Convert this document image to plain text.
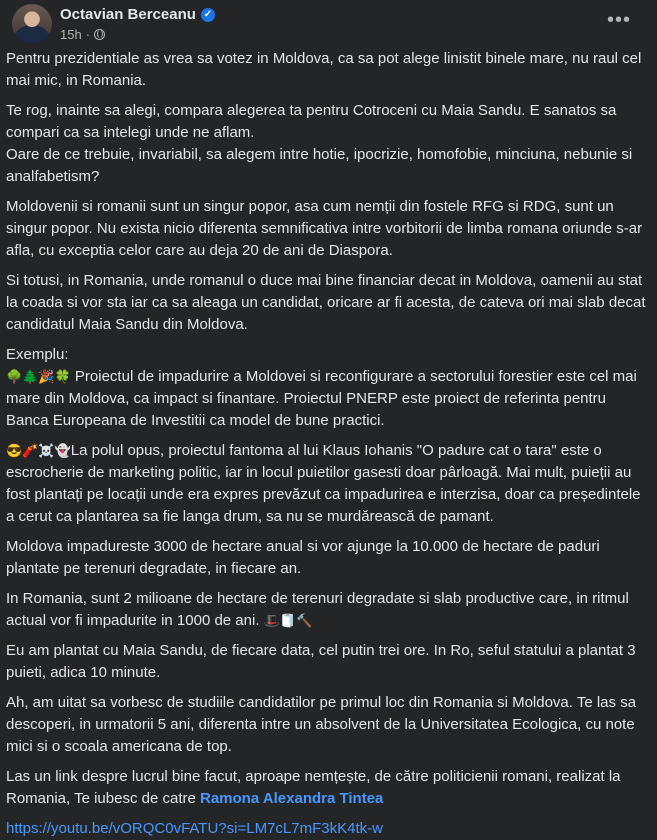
Octavian Berceanu ✓
15h ·
•••

Pentru prezidentiale as vrea sa votez in Moldova, ca sa pot alege linistit binele mare, nu raul cel mai mic, in Romania.

Te rog, inainte sa alegi, compara alegerea ta pentru Cotroceni cu Maia Sandu. E sanatos sa compari ca sa intelegi unde ne aflam.

Oare de ce trebuie, invariabil, sa alegem intre hotie, ipocrizie, homofobie, minciuna, nebunie si analfabetism?

Moldovenii si romanii sunt un singur popor, asa cum nemții din fostele RFG si RDG, sunt un singur popor. Nu exista nicio diferenta semnificativa intre vorbitorii de limba romana oriunde s-ar afla, cu exceptia celor care au deja 20 de ani de Diaspora.

Si totusi, in Romania, unde romanul o duce mai bine financiar decat in Moldova, oamenii au stat la coada si vor sta iar ca sa aleaga un candidat, oricare ar fi acesta, de cateva ori mai slab decat candidatul Maia Sandu din Moldova.

Exemplu:

🌳🌲🎉🍀 Proiectul de impadurire a Moldovei si reconfigurare a sectorului forestier este cel mai mare din Moldova, ca impact si finantare. Proiectul PNERP este proiect de referinta pentru Banca Europeana de Investitii ca model de bune practici.

😎🧨☠️👻La polul opus, proiectul fantoma al lui Klaus Iohanis "O padure cat o tara" este o escrocherie de marketing politic, iar in locul puietilor gasesti doar pârloagă. Mai mult, puieții au fost plantați pe locații unde era expres prevăzut ca impadurirea e interzisa, doar ca președintele a cerut ca plantarea sa fie langa drum, sa nu se murdărească de pamant.

Moldova impadureste 3000 de hectare anual si vor ajunge la 10.000 de hectare de paduri plantate pe terenuri degradate, in fiecare an.

In Romania, sunt 2 milioane de hectare de terenuri degradate si slab productive care, in ritmul actual vor fi impadurite in 1000 de ani. 🎩🧻🔨

Eu am plantat cu Maia Sandu, de fiecare data, cel putin trei ore. In Ro, seful statului a plantat 3 puieti, adica 10 minute.

Ah, am uitat sa vorbesc de studiile candidatilor pe primul loc din Romania si Moldova. Te las sa descoperi, in urmatorii 5 ani, diferenta intre un absolvent de la Universitatea Ecologica, cu note mici si o scoala americana de top.

Las un link despre lucrul bine facut, aproape nemțește, de către politicienii romani, realizat la Romania, Te iubesc de catre Ramona Alexandra Tintea

https://youtu.be/vORQC0vFATU?si=LM7cL7mF3kK4tk-w
